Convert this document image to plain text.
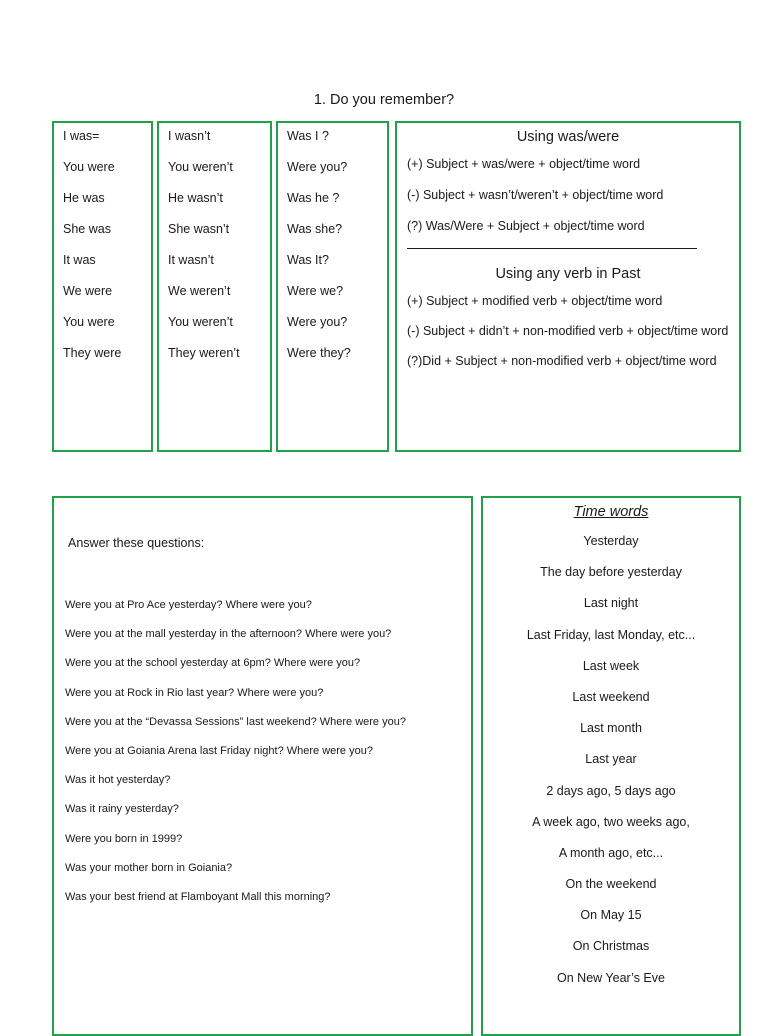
1. Do you remember?
I was=
You were
He was
She was
It was
We were
You were
They were
I wasn’t
You weren’t
He wasn’t
She wasn’t
It wasn’t
We weren’t
You weren’t
They weren’t
Was I ?
Were you?
Was he ?
Was she?
Was It?
Were we?
Were you?
Were they?
Using was/were
(+) Subject + was/were + object/time word
(-) Subject + wasn’t/weren’t + object/time word
(?) Was/Were + Subject + object/time word
Using any verb in Past
(+) Subject + modified verb + object/time word
(-) Subject + didn’t + non-modified verb + object/time word
(?)Did + Subject + non-modified verb + object/time word
Answer these questions:
Were you at Pro Ace yesterday? Where were you?
Were you at the mall yesterday in the afternoon? Where were you?
Were you at the school yesterday at 6pm? Where were you?
Were you at Rock in Rio last year? Where were you?
Were you at the “Devassa Sessions” last weekend? Where were you?
Were you at Goiania Arena last Friday night? Where were you?
Was it hot yesterday?
Was it rainy yesterday?
Were you born in 1999?
Was your mother born in Goiania?
Was your best friend at Flamboyant Mall this morning?
Time words
Yesterday
The day before yesterday
Last night
Last Friday, last Monday, etc...
Last week
Last weekend
Last month
Last year
2 days ago, 5 days ago
A week ago, two weeks ago,
A month ago, etc...
On the weekend
On May 15
On Christmas
On New Year’s Eve
